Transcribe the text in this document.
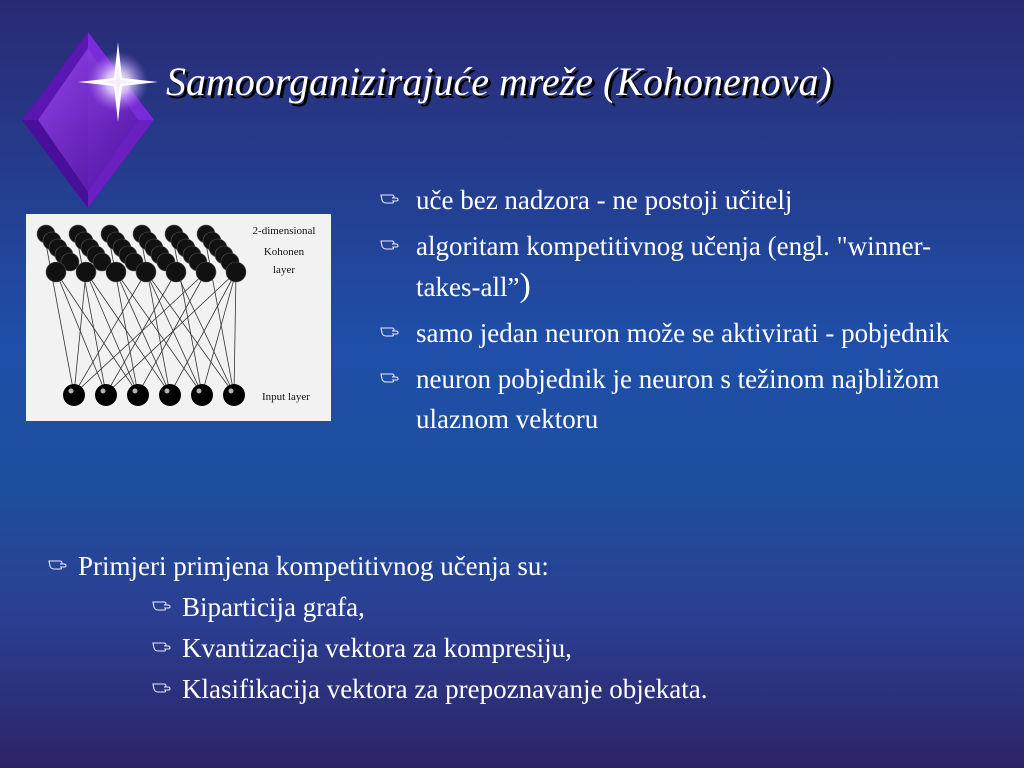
Samoorganizirajuće mreže (Kohonenova)
2-dimensional
Kohonen
layer
Input layer
uče bez nadzora - ne postoji učitelj
algoritam kompetitivnog učenja (engl. "winner-takes-all”)
samo jedan neuron može se aktivirati - pobjednik
neuron pobjednik je neuron s težinom najbližom ulaznom vektoru
Primjeri primjena kompetitivnog učenja su:
Biparticija grafa,
Kvantizacija vektora za kompresiju,
Klasifikacija vektora za prepoznavanje objekata.
